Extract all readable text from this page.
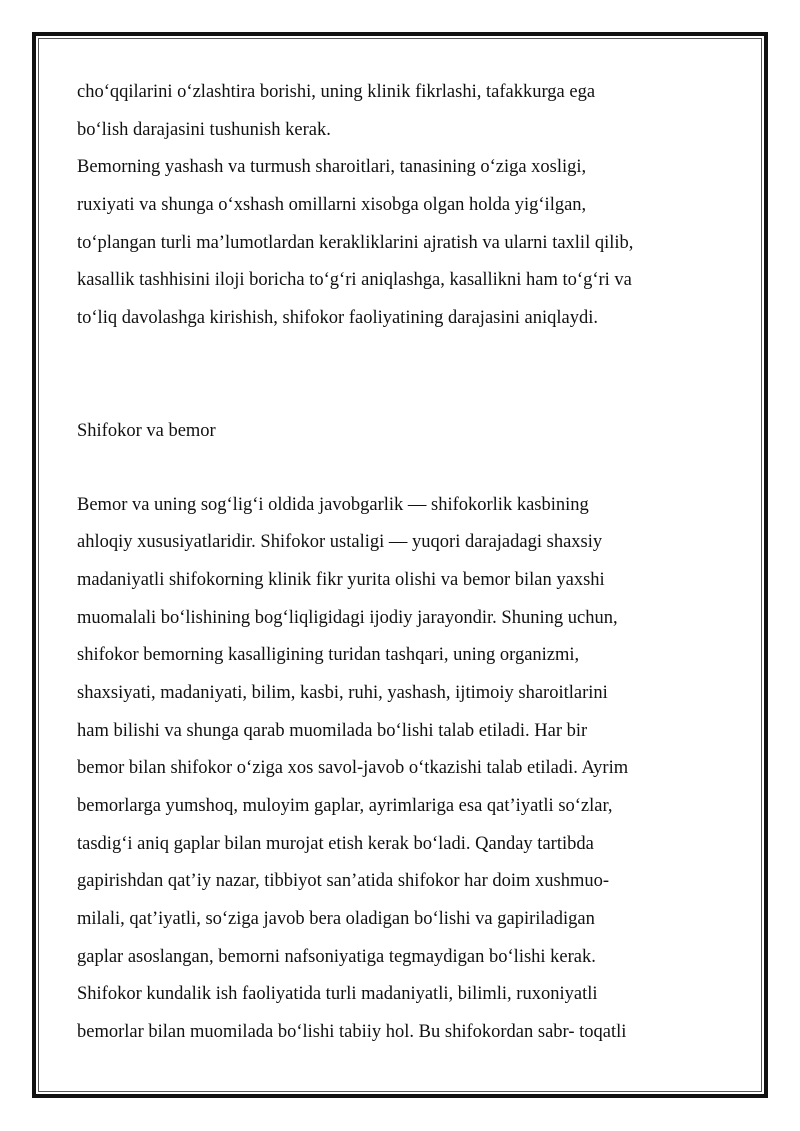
cho‘qqilarini o‘zlashtira borishi, uning klinik fikrlashi, tafakkurga ega
bo‘lish darajasini tushunish kerak.
Bemorning yashash va turmush sharoitlari, tanasining o‘ziga xosligi,
ruxiyati va shunga o‘xshash omillarni xisobga olgan holda yig‘ilgan,
to‘plangan turli ma’lumotlardan kerakliklarini ajratish va ularni taxlil qilib,
kasallik tashhisini iloji boricha to‘g‘ri aniqlashga, kasallikni ham to‘g‘ri va
to‘liq davolashga kirishish, shifokor faoliyatining darajasini aniqlaydi.
Shifokor va bemor
Bemor va uning sog‘lig‘i oldida javobgarlik — shifokorlik kasbining
ahloqiy xususiyatlaridir. Shifokor ustaligi — yuqori darajadagi shaxsiy
madaniyatli shifokorning klinik fikr yurita olishi va bemor bilan yaxshi
muomalali bo‘lishining bog‘liqligidagi ijodiy jarayondir. Shuning uchun,
shifokor bemorning kasalligining turidan tashqari, uning organizmi,
shaxsiyati, madaniyati, bilim, kasbi, ruhi, yashash, ijtimoiy sharoitlarini
ham bilishi va shunga qarab muomilada bo‘lishi talab etiladi. Har bir
bemor bilan shifokor o‘ziga xos savol-javob o‘tkazishi talab etiladi. Ayrim
bemorlarga yumshoq, muloyim gaplar, ayrimlariga esa qat’iyatli so‘zlar,
tasdig‘i aniq gaplar bilan murojat etish kerak bo‘ladi. Qanday tartibda
gapirishdan qat’iy nazar, tibbiyot san’atida shifokor har doim xushmuo-
milali, qat’iyatli, so‘ziga javob bera oladigan bo‘lishi va gapiriladigan
gaplar asoslangan, bemorni nafsoniyatiga tegmaydigan bo‘lishi kerak.
Shifokor kundalik ish faoliyatida turli madaniyatli, bilimli, ruxoniyatli
bemorlar bilan muomilada bo‘lishi tabiiy hol. Bu shifokordan sabr- toqatli
